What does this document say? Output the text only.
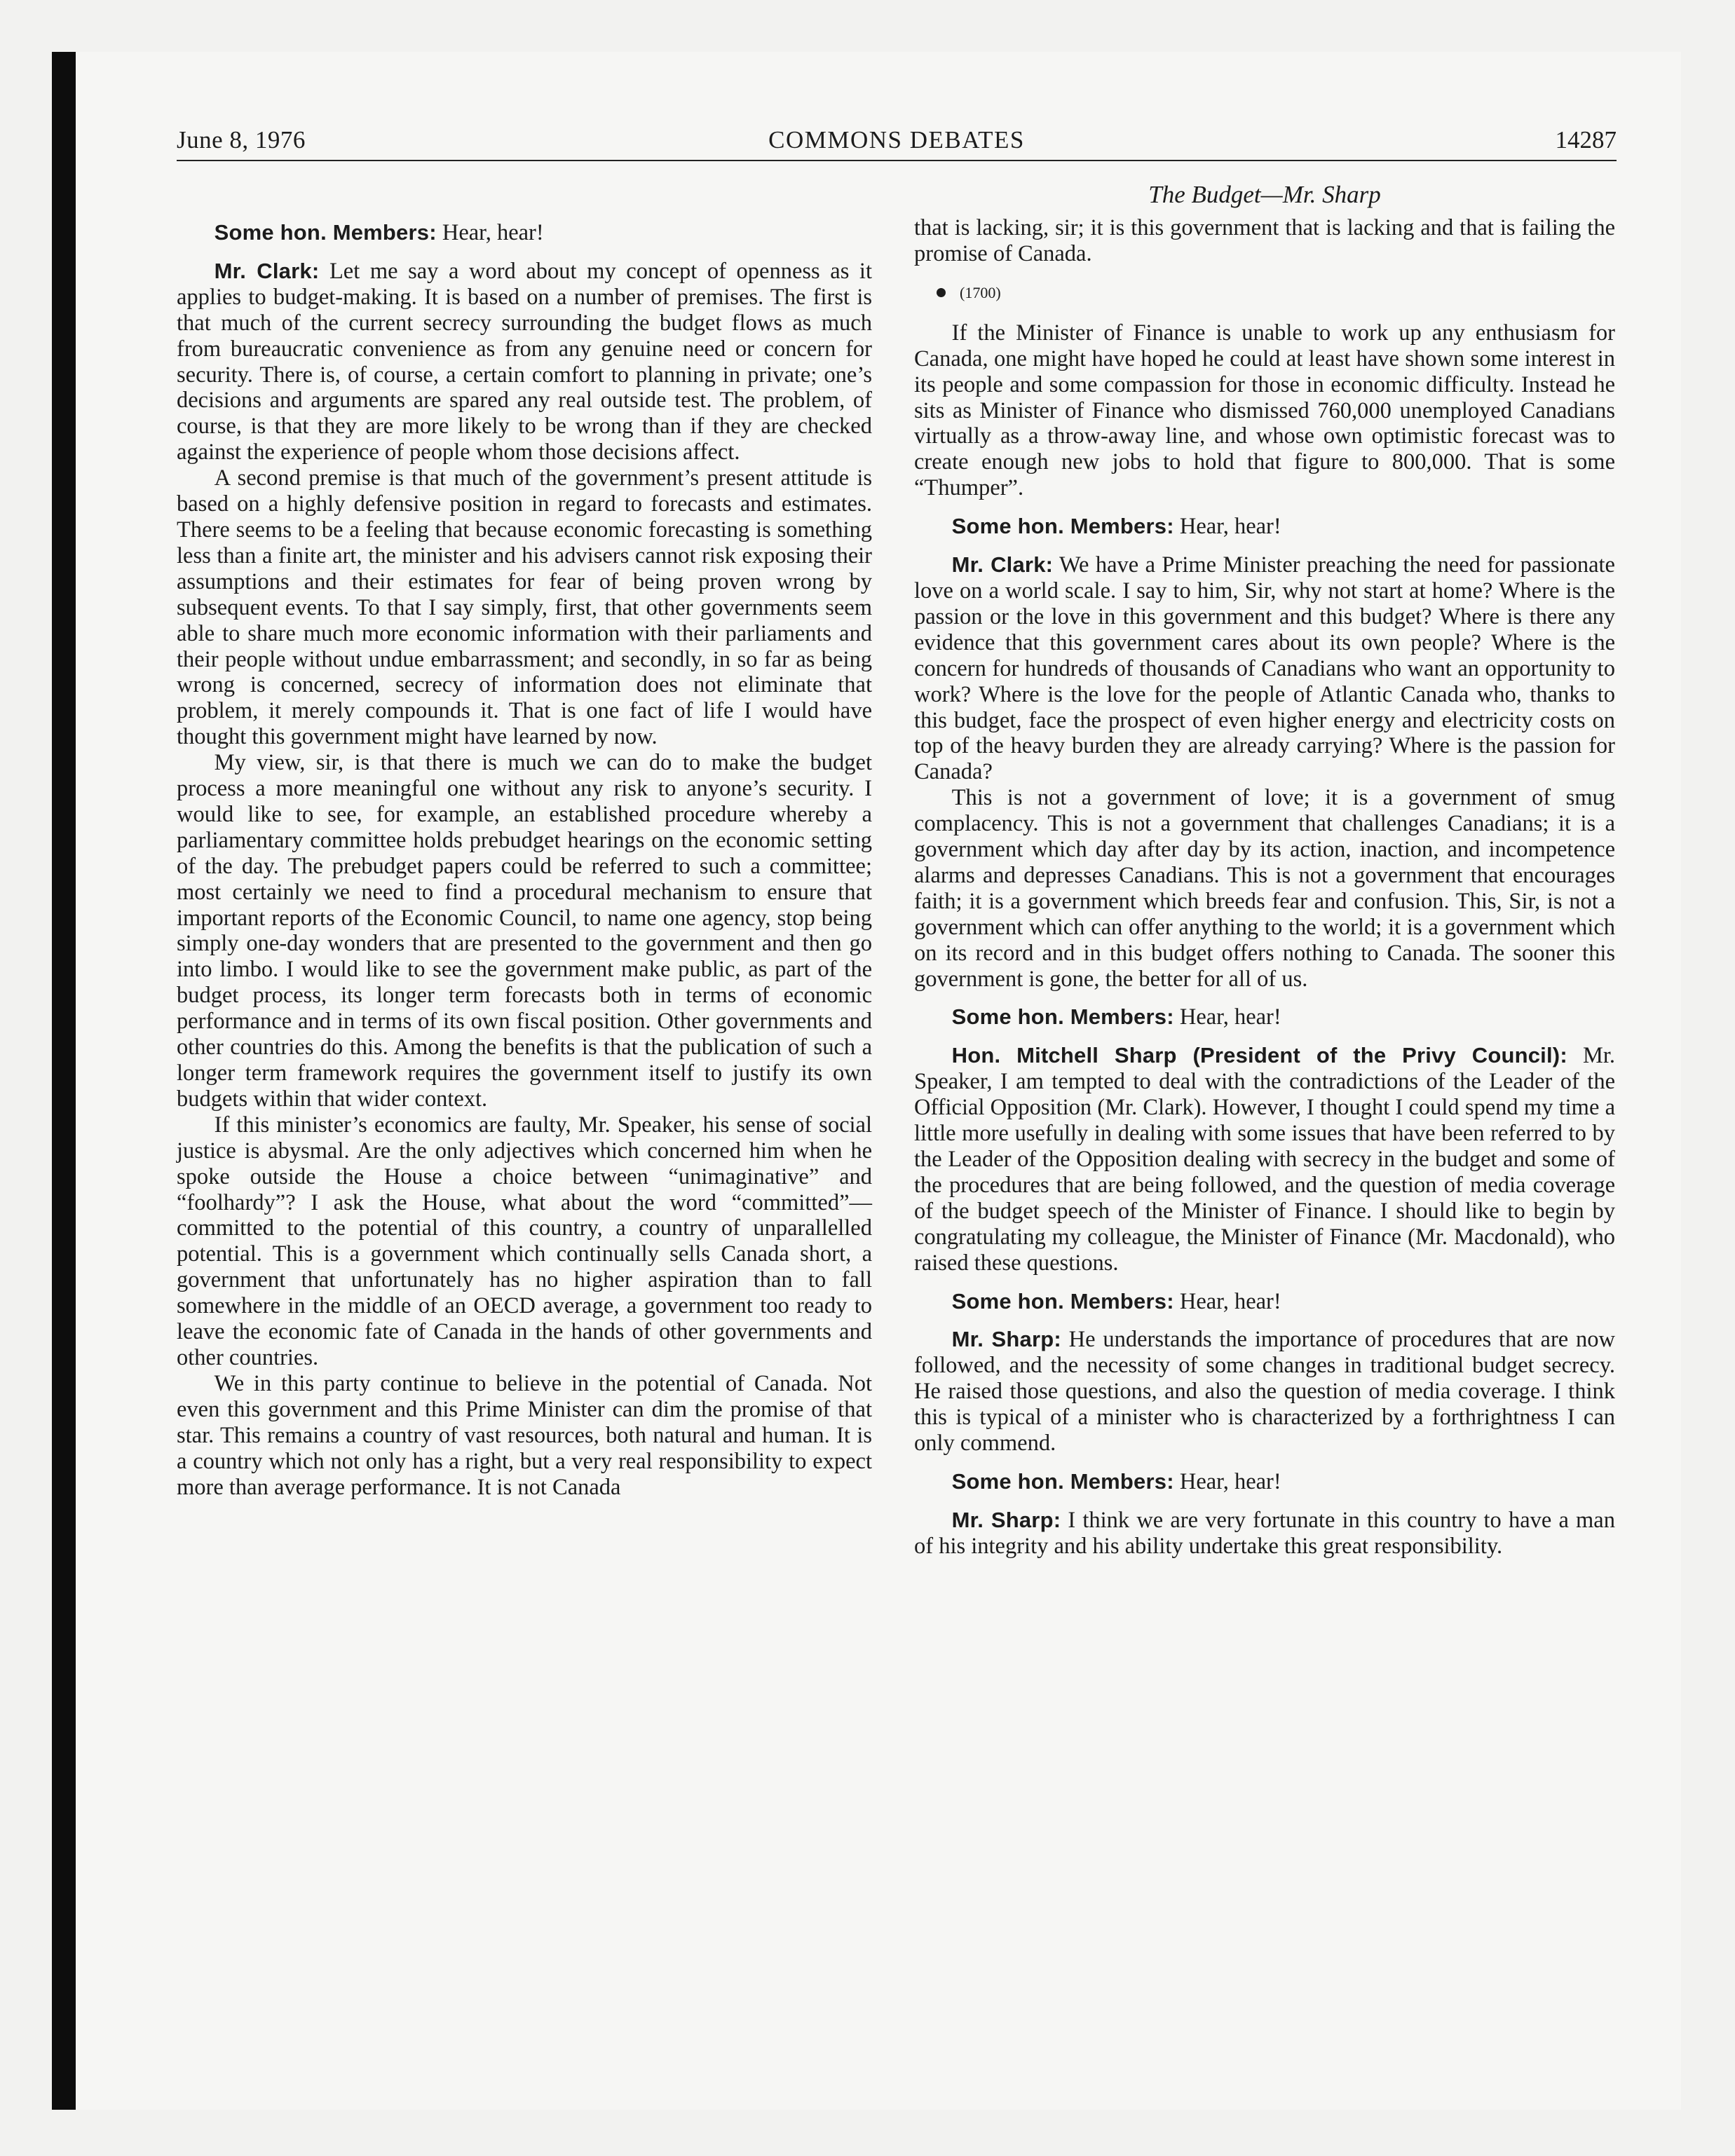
June 8, 1976	COMMONS DEBATES	14287
The Budget—Mr. Sharp

Some hon. Members: Hear, hear!

Mr. Clark: Let me say a word about my concept of openness as it applies to budget-making. It is based on a number of premises. The first is that much of the current secrecy surrounding the budget flows as much from bureaucratic convenience as from any genuine need or concern for security. There is, of course, a certain comfort to planning in private; one’s decisions and arguments are spared any real outside test. The problem, of course, is that they are more likely to be wrong than if they are checked against the experience of people whom those decisions affect.

A second premise is that much of the government’s present attitude is based on a highly defensive position in regard to forecasts and estimates. There seems to be a feeling that because economic forecasting is something less than a finite art, the minister and his advisers cannot risk exposing their assumptions and their estimates for fear of being proven wrong by subsequent events. To that I say simply, first, that other governments seem able to share much more economic information with their parliaments and their people without undue embarrassment; and secondly, in so far as being wrong is concerned, secrecy of information does not eliminate that problem, it merely compounds it. That is one fact of life I would have thought this government might have learned by now.

My view, sir, is that there is much we can do to make the budget process a more meaningful one without any risk to anyone’s security. I would like to see, for example, an established procedure whereby a parliamentary committee holds prebudget hearings on the economic setting of the day. The prebudget papers could be referred to such a committee; most certainly we need to find a procedural mechanism to ensure that important reports of the Economic Council, to name one agency, stop being simply one-day wonders that are presented to the government and then go into limbo. I would like to see the government make public, as part of the budget process, its longer term forecasts both in terms of economic performance and in terms of its own fiscal position. Other governments and other countries do this. Among the benefits is that the publication of such a longer term framework requires the government itself to justify its own budgets within that wider context.

If this minister’s economics are faulty, Mr. Speaker, his sense of social justice is abysmal. Are the only adjectives which concerned him when he spoke outside the House a choice between “unimaginative” and “foolhardy”? I ask the House, what about the word “committed”—committed to the potential of this country, a country of unparallelled potential. This is a government which continually sells Canada short, a government that unfortunately has no higher aspiration than to fall somewhere in the middle of an OECD average, a government too ready to leave the economic fate of Canada in the hands of other governments and other countries.

We in this party continue to believe in the potential of Canada. Not even this government and this Prime Minister can dim the promise of that star. This remains a country of vast resources, both natural and human. It is a country which not only has a right, but a very real responsibility to expect more than average performance. It is not Canada

that is lacking, sir; it is this government that is lacking and that is failing the promise of Canada.

(1700)

If the Minister of Finance is unable to work up any enthusiasm for Canada, one might have hoped he could at least have shown some interest in its people and some compassion for those in economic difficulty. Instead he sits as Minister of Finance who dismissed 760,000 unemployed Canadians virtually as a throw-away line, and whose own optimistic forecast was to create enough new jobs to hold that figure to 800,000. That is some “Thumper”.

Some hon. Members: Hear, hear!

Mr. Clark: We have a Prime Minister preaching the need for passionate love on a world scale. I say to him, Sir, why not start at home? Where is the passion or the love in this government and this budget? Where is there any evidence that this government cares about its own people? Where is the concern for hundreds of thousands of Canadians who want an opportunity to work? Where is the love for the people of Atlantic Canada who, thanks to this budget, face the prospect of even higher energy and electricity costs on top of the heavy burden they are already carrying? Where is the passion for Canada?

This is not a government of love; it is a government of smug complacency. This is not a government that challenges Canadians; it is a government which day after day by its action, inaction, and incompetence alarms and depresses Canadians. This is not a government that encourages faith; it is a government which breeds fear and confusion. This, Sir, is not a government which can offer anything to the world; it is a government which on its record and in this budget offers nothing to Canada. The sooner this government is gone, the better for all of us.

Some hon. Members: Hear, hear!

Hon. Mitchell Sharp (President of the Privy Council): Mr. Speaker, I am tempted to deal with the contradictions of the Leader of the Official Opposition (Mr. Clark). However, I thought I could spend my time a little more usefully in dealing with some issues that have been referred to by the Leader of the Opposition dealing with secrecy in the budget and some of the procedures that are being followed, and the question of media coverage of the budget speech of the Minister of Finance. I should like to begin by congratulating my colleague, the Minister of Finance (Mr. Macdonald), who raised these questions.

Some hon. Members: Hear, hear!

Mr. Sharp: He understands the importance of procedures that are now followed, and the necessity of some changes in traditional budget secrecy. He raised those questions, and also the question of media coverage. I think this is typical of a minister who is characterized by a forthrightness I can only commend.

Some hon. Members: Hear, hear!

Mr. Sharp: I think we are very fortunate in this country to have a man of his integrity and his ability undertake this great responsibility.
